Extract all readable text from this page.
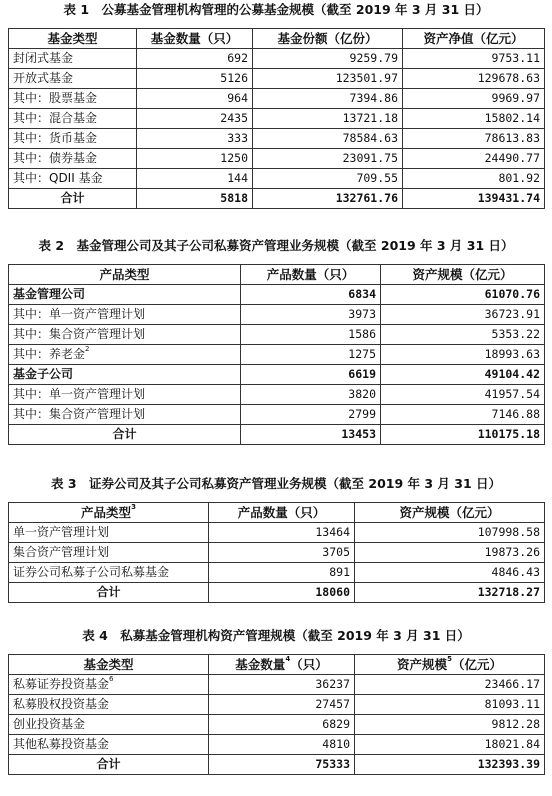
表 1　公募基金管理机构管理的公募基金规模（截至 2019 年 3 月 31 日）
基金类型	基金数量（只）	基金份额（亿份）	资产净值（亿元）
封闭式基金	692	9259.79	9753.11
开放式基金	5126	123501.97	129678.63
其中：股票基金	964	7394.86	9969.97
其中：混合基金	2435	13721.18	15802.14
其中：货币基金	333	78584.63	78613.83
其中：债券基金	1250	23091.75	24490.77
其中：QDII 基金	144	709.55	801.92
合计	5818	132761.76	139431.74
表 2　基金管理公司及其子公司私募资产管理业务规模（截至 2019 年 3 月 31 日）
产品类型	产品数量（只）	资产规模（亿元）
基金管理公司	6834	61070.76
其中：单一资产管理计划	3973	36723.91
其中：集合资产管理计划	1586	5353.22
其中：养老金$^2$	1275	18993.63
基金子公司	6619	49104.42
其中：单一资产管理计划	3820	41957.54
其中：集合资产管理计划	2799	7146.88
合计	13453	110175.18
表 3　证券公司及其子公司私募资产管理业务规模（截至 2019 年 3 月 31 日）
产品类型$^3$	产品数量（只）	资产规模（亿元）
单一资产管理计划	13464	107998.58
集合资产管理计划	3705	19873.26
证券公司私募子公司私募基金	891	4846.43
合计	18060	132718.27
表 4　私募基金管理机构资产管理规模（截至 2019 年 3 月 31 日）
基金类型	基金数量$^4$（只）	资产规模$^5$（亿元）
私募证券投资基金$^6$	36237	23466.17
私募股权投资基金	27457	81093.11
创业投资基金	6829	9812.28
其他私募投资基金	4810	18021.84
合计	75333	132393.39
